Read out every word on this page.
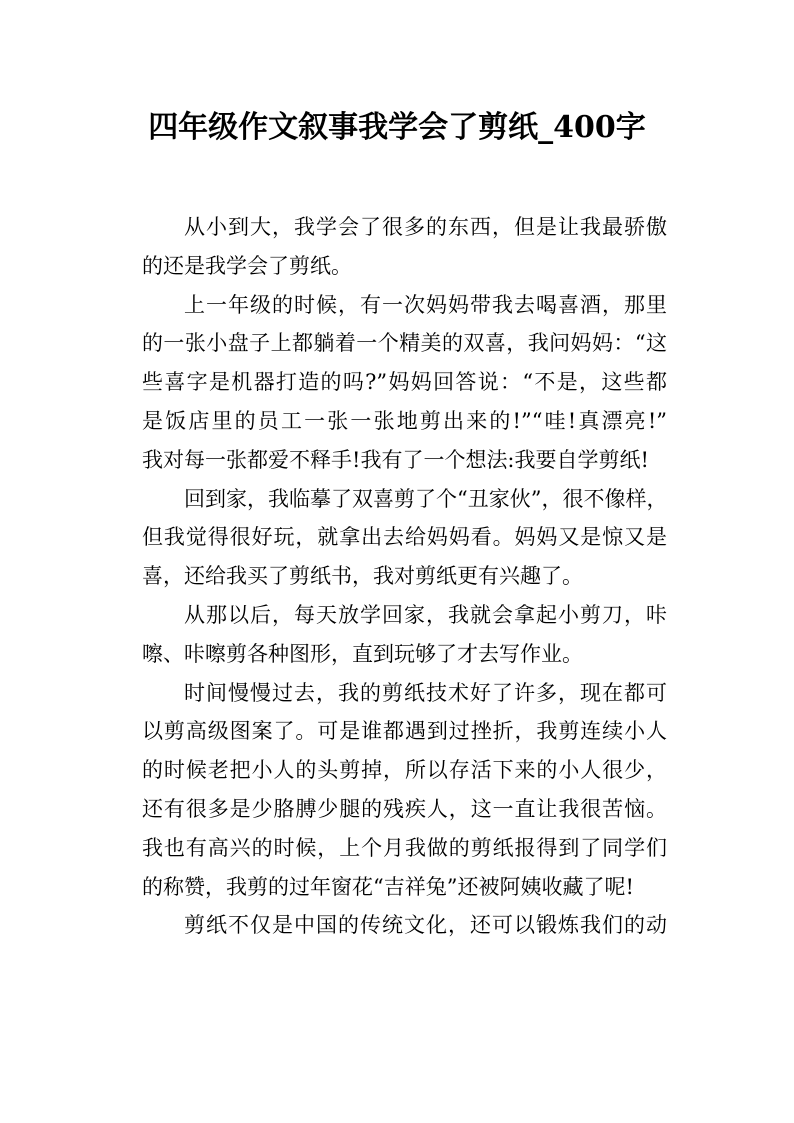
四年级作文叙事我学会了剪纸_400字
从小到大，我学会了很多的东西，但是让我最骄傲
的还是我学会了剪纸。
上一年级的时候，有一次妈妈带我去喝喜酒，那里
的一张小盘子上都躺着一个精美的双喜，我问妈妈：“这
些喜字是机器打造的吗?”妈妈回答说：“不是，这些都
是饭店里的员工一张一张地剪出来的!”“哇!真漂亮!”
我对每一张都爱不释手!我有了一个想法:我要自学剪纸!
回到家，我临摹了双喜剪了个“丑家伙”，很不像样，
但我觉得很好玩，就拿出去给妈妈看。妈妈又是惊又是
喜，还给我买了剪纸书，我对剪纸更有兴趣了。
从那以后，每天放学回家，我就会拿起小剪刀，咔
嚓、咔嚓剪各种图形，直到玩够了才去写作业。
时间慢慢过去，我的剪纸技术好了许多，现在都可
以剪高级图案了。可是谁都遇到过挫折，我剪连续小人
的时候老把小人的头剪掉，所以存活下来的小人很少，
还有很多是少胳膊少腿的残疾人，这一直让我很苦恼。
我也有高兴的时候，上个月我做的剪纸报得到了同学们
的称赞，我剪的过年窗花“吉祥兔”还被阿姨收藏了呢!
剪纸不仅是中国的传统文化，还可以锻炼我们的动
